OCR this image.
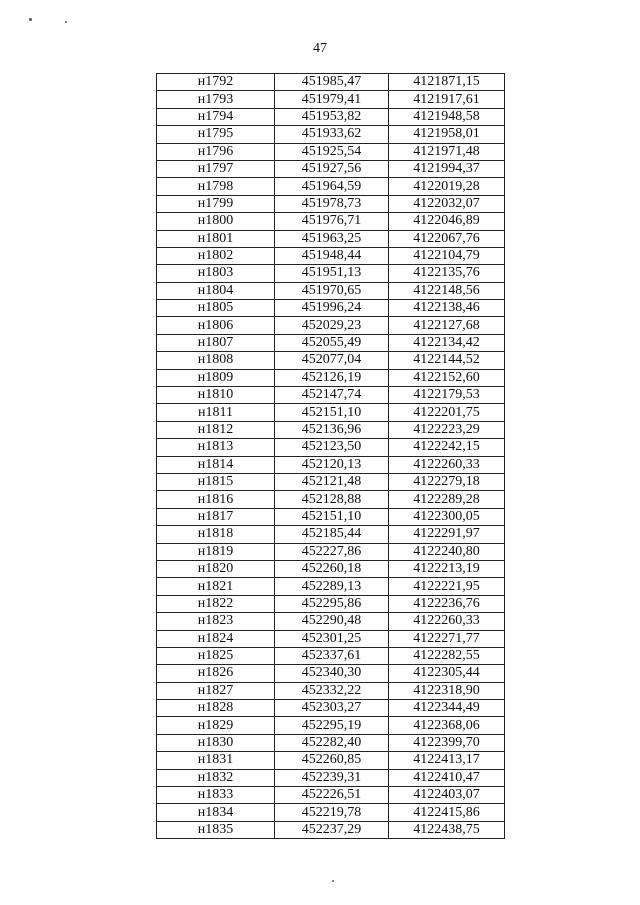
47
н1792	451985,47	4121871,15
н1793	451979,41	4121917,61
н1794	451953,82	4121948,58
н1795	451933,62	4121958,01
н1796	451925,54	4121971,48
н1797	451927,56	4121994,37
н1798	451964,59	4122019,28
н1799	451978,73	4122032,07
н1800	451976,71	4122046,89
н1801	451963,25	4122067,76
н1802	451948,44	4122104,79
н1803	451951,13	4122135,76
н1804	451970,65	4122148,56
н1805	451996,24	4122138,46
н1806	452029,23	4122127,68
н1807	452055,49	4122134,42
н1808	452077,04	4122144,52
н1809	452126,19	4122152,60
н1810	452147,74	4122179,53
н1811	452151,10	4122201,75
н1812	452136,96	4122223,29
н1813	452123,50	4122242,15
н1814	452120,13	4122260,33
н1815	452121,48	4122279,18
н1816	452128,88	4122289,28
н1817	452151,10	4122300,05
н1818	452185,44	4122291,97
н1819	452227,86	4122240,80
н1820	452260,18	4122213,19
н1821	452289,13	4122221,95
н1822	452295,86	4122236,76
н1823	452290,48	4122260,33
н1824	452301,25	4122271,77
н1825	452337,61	4122282,55
н1826	452340,30	4122305,44
н1827	452332,22	4122318,90
н1828	452303,27	4122344,49
н1829	452295,19	4122368,06
н1830	452282,40	4122399,70
н1831	452260,85	4122413,17
н1832	452239,31	4122410,47
н1833	452226,51	4122403,07
н1834	452219,78	4122415,86
н1835	452237,29	4122438,75
